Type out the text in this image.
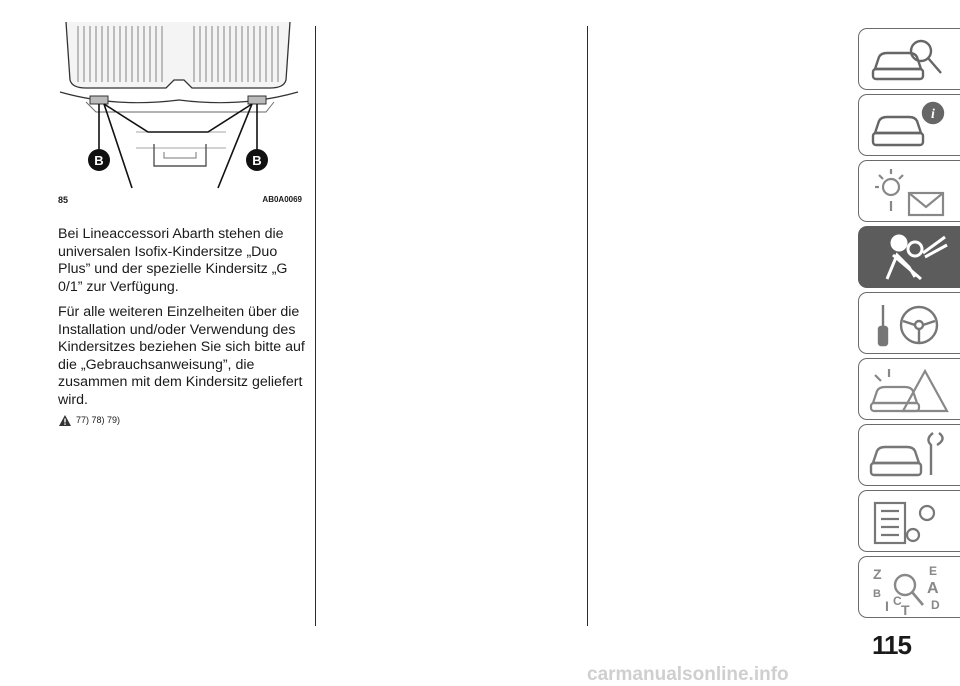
B	B
85	AB0A0069

Bei Lineaccessori Abarth stehen die universalen Isofix-Kindersitze „Duo Plus” und der spezielle Kindersitz „G 0/1” zur Verfügung.

Für alle weiteren Einzelheiten über die Installation und/oder Verwendung des Kindersitzes beziehen Sie sich bitte auf die „Gebrauchsanweisung”, die zusammen mit dem Kindersitz geliefert wird.

77) 78) 79)
i
Z	E
A
B
D
I C
T
115
carmanualsonline.info
